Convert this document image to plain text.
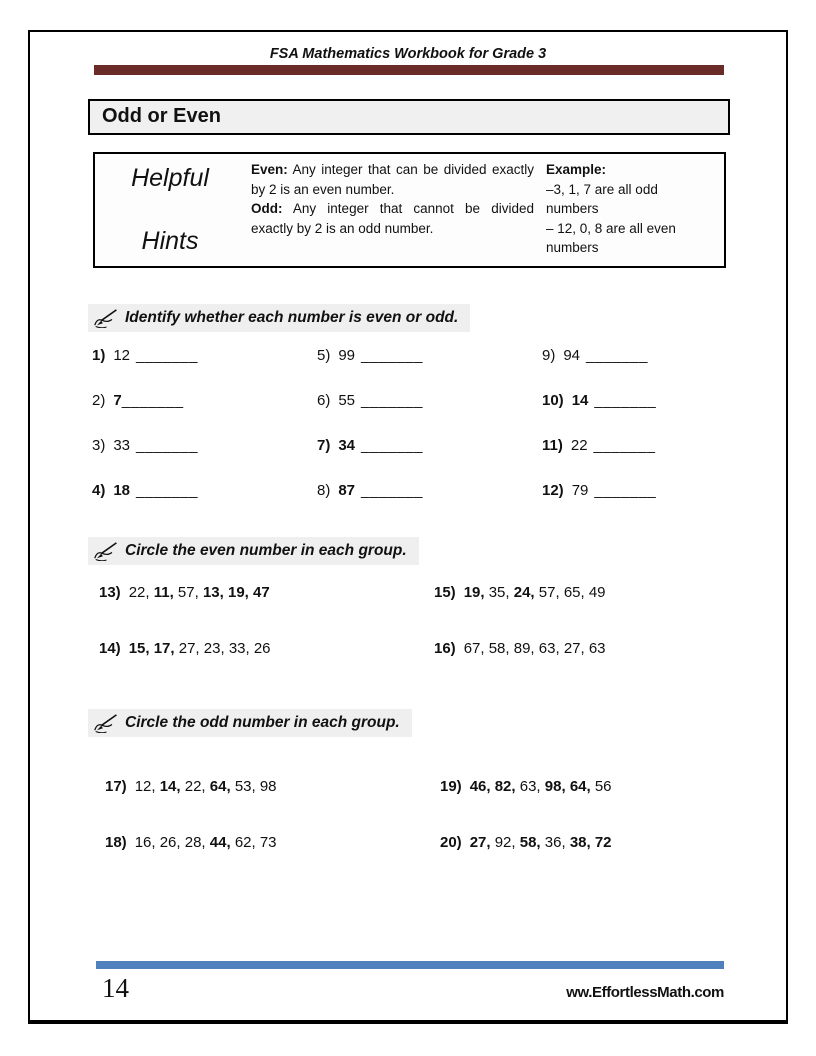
FSA Mathematics Workbook for Grade 3
Odd or Even
Helpful
Hints

Even: Any integer that can be divided exactly by 2 is an even number.

Odd: Any integer that cannot be divided exactly by 2 is an odd number.

Example:
–3, 1, 7 are all odd numbers
– 12, 0, 8 are all even numbers
Identify whether each number is even or odd.
1) 12 _______	5) 99 _______	9) 94 _______
2) 7_______	6) 55 _______	10) 14 _______
3) 33 _______	7) 34 _______	11) 22 _______
4) 18 _______	8) 87 _______	12) 79 _______
Circle the even number in each group.
13) 22, 11, 57, 13, 19, 47	15) 19, 35, 24, 57, 65, 49
14) 15, 17, 27, 23, 33, 26	16) 67, 58, 89, 63, 27, 63
Circle the odd number in each group.
17) 12, 14, 22, 64, 53, 98	19) 46, 82, 63, 98, 64, 56
18) 16, 26, 28, 44, 62, 73	20) 27, 92, 58, 36, 38, 72
14	ww.EffortlessMath.com
